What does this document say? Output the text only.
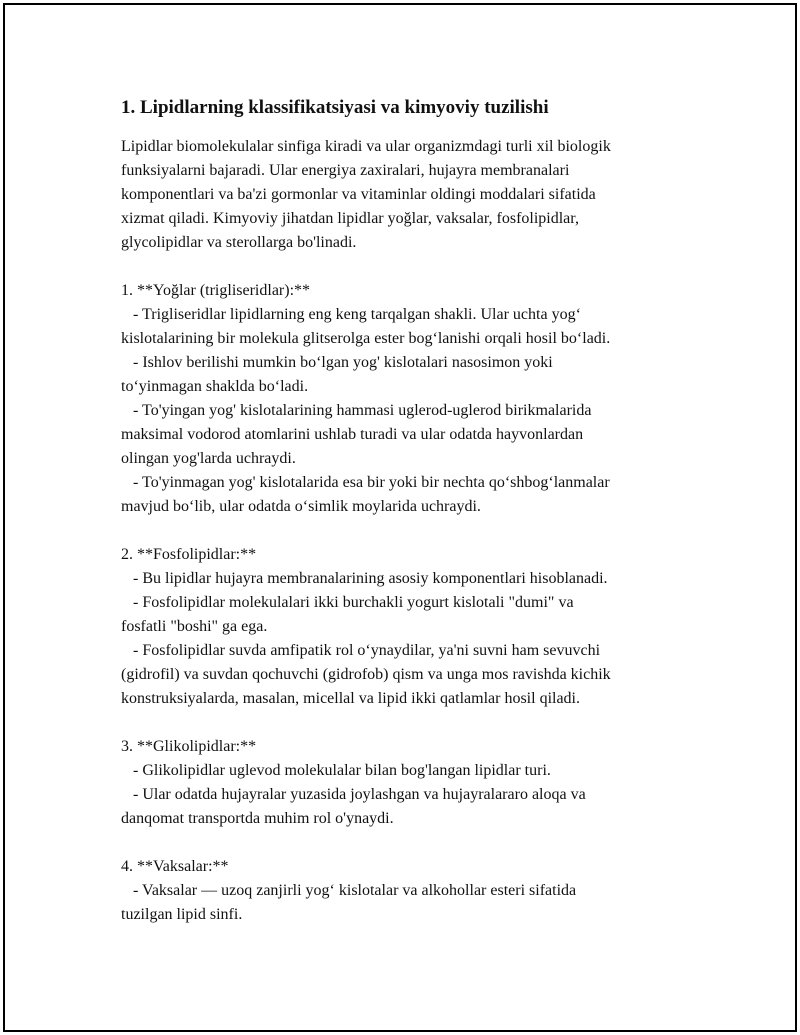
1. Lipidlarning klassifikatsiyasi va kimyoviy tuzilishi

Lipidlar biomolekulalar sinfiga kiradi va ular organizmdagi turli xil biologik
funksiyalarni bajaradi. Ular energiya zaxiralari, hujayra membranalari
komponentlari va ba'zi gormonlar va vitaminlar oldingi moddalari sifatida
xizmat qiladi. Kimyoviy jihatdan lipidlar yoğlar, vaksalar, fosfolipidlar,
glycolipidlar va sterollarga bo'linadi.

1. **Yoğlar (trigliseridlar):**

- Trigliseridlar lipidlarning eng keng tarqalgan shakli. Ular uchta yog‘
kislotalarining bir molekula glitserolga ester bog‘lanishi orqali hosil bo‘ladi.
- Ishlov berilishi mumkin bo‘lgan yog' kislotalari nasosimon yoki
to‘yinmagan shaklda bo‘ladi.
- To'yingan yog' kislotalarining hammasi uglerod-uglerod birikmalarida
maksimal vodorod atomlarini ushlab turadi va ular odatda hayvonlardan
olingan yog'larda uchraydi.
- To'yinmagan yog' kislotalarida esa bir yoki bir nechta qo‘shbog‘lanmalar
mavjud bo‘lib, ular odatda o‘simlik moylarida uchraydi.

2. **Fosfolipidlar:**

- Bu lipidlar hujayra membranalarining asosiy komponentlari hisoblanadi.
- Fosfolipidlar molekulalari ikki burchakli yogurt kislotali "dumi" va
fosfatli "boshi" ga ega.
- Fosfolipidlar suvda amfipatik rol o‘ynaydilar, ya'ni suvni ham sevuvchi
(gidrofil) va suvdan qochuvchi (gidrofob) qism va unga mos ravishda kichik
konstruksiyalarda, masalan, micellal va lipid ikki qatlamlar hosil qiladi.

3. **Glikolipidlar:**

- Glikolipidlar uglevod molekulalar bilan bog'langan lipidlar turi.
- Ular odatda hujayralar yuzasida joylashgan va hujayralararo aloqa va
danqomat transportda muhim rol o'ynaydi.

4. **Vaksalar:**

- Vaksalar — uzoq zanjirli yog‘ kislotalar va alkohollar esteri sifatida
tuzilgan lipid sinfi.
